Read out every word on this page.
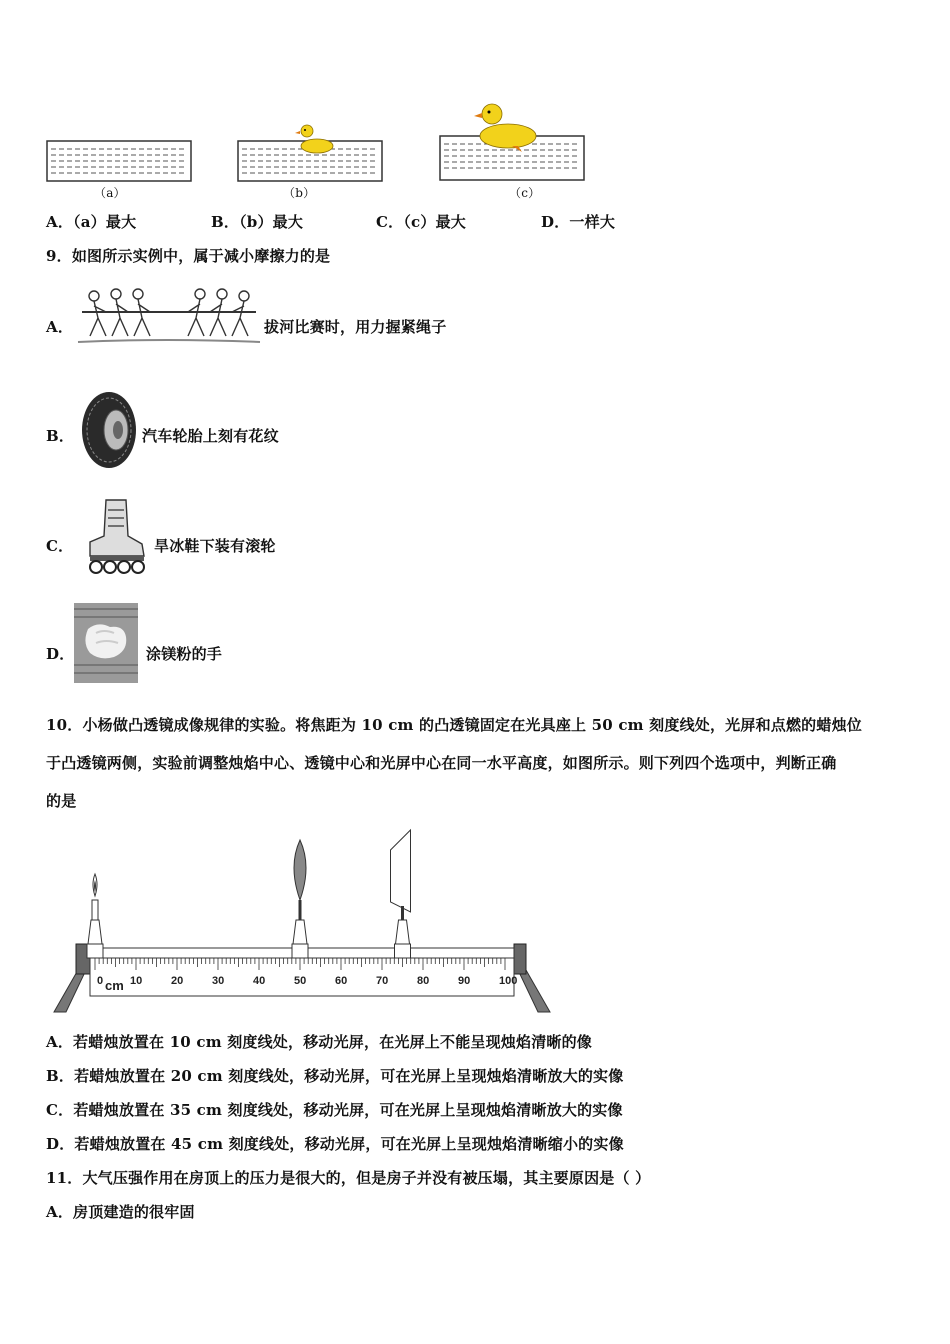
（a）	（b）	（c）
A．（a）最大	B．（b）最大	C．（c）最大	D．一样大
9．如图所示实例中，属于减小摩擦力的是
A．	拔河比赛时，用力握紧绳子
B．	汽车轮胎上刻有花纹
C．	旱冰鞋下装有滚轮
D．	涂镁粉的手
10．小杨做凸透镜成像规律的实验。将焦距为 10 cm 的凸透镜固定在光具座上 50 cm 刻度线处，光屏和点燃的蜡烛位
于凸透镜两侧，实验前调整烛焰中心、透镜中心和光屏中心在同一水平高度，如图所示。则下列四个选项中，判断正确
的是
0 10	20	30	40	50	60	70	80	90	100
cm
A．若蜡烛放置在 10 cm 刻度线处，移动光屏，在光屏上不能呈现烛焰清晰的像
B．若蜡烛放置在 20 cm 刻度线处，移动光屏，可在光屏上呈现烛焰清晰放大的实像
C．若蜡烛放置在 35 cm 刻度线处，移动光屏，可在光屏上呈现烛焰清晰放大的实像
D．若蜡烛放置在 45 cm 刻度线处，移动光屏，可在光屏上呈现烛焰清晰缩小的实像
11．大气压强作用在房顶上的压力是很大的，但是房子并没有被压塌，其主要原因是（ ）
A．房顶建造的很牢固
